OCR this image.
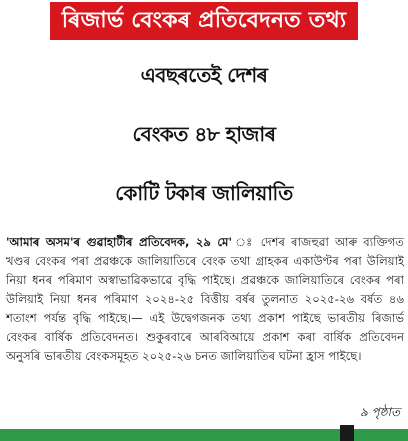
ৰিজাৰ্ভ বেংকৰ প্ৰতিবেদনত তথ্য
এবছৰতেই দেশৰ
বেংকত ৪৮ হাজাৰ
কোটি টকাৰ জালিয়াতি
'আমাৰ অসম'ৰ গুৱাহাটীৰ প্ৰতিবেদক, ২৯ মে' ঃ দেশৰ ৰাজহুৱা আৰু ব্যক্তিগত খণ্ডৰ বেংকৰ পৰা প্ৰৱঞ্চকে জালিয়াতিৰে বেংক তথা গ্ৰাহকৰ একাউণ্টৰ পৰা উলিয়াই নিয়া ধনৰ পৰিমাণ অস্বাভাৱিকভাৱে বৃদ্ধি পাইছে। প্ৰৱঞ্চকে জালিয়াতিৰে বেংকৰ পৰা উলিয়াই নিয়া ধনৰ পৰিমাণ ২০২৪-২৫ বিত্তীয় বৰ্ষৰ তুলনাত ২০২৫-২৬ বৰ্ষত ৪৬ শতাংশ পৰ্যন্ত বৃদ্ধি পাইছে।— এই উদ্বেগজনক তথ্য প্ৰকাশ পাইছে ভাৰতীয় ৰিজাৰ্ভ বেংকৰ বাৰ্ষিক প্ৰতিবেদনত। শুকুৰবাৰে আৰবিআয়ে প্ৰকাশ কৰা বাৰ্ষিক প্ৰতিবেদন অনুসৰি ভাৰতীয় বেংকসমূহত ২০২৫-২৬ চনত জালিয়াতিৰ ঘটনা হ্ৰাস পাইছে।
৯ পৃষ্ঠাত
